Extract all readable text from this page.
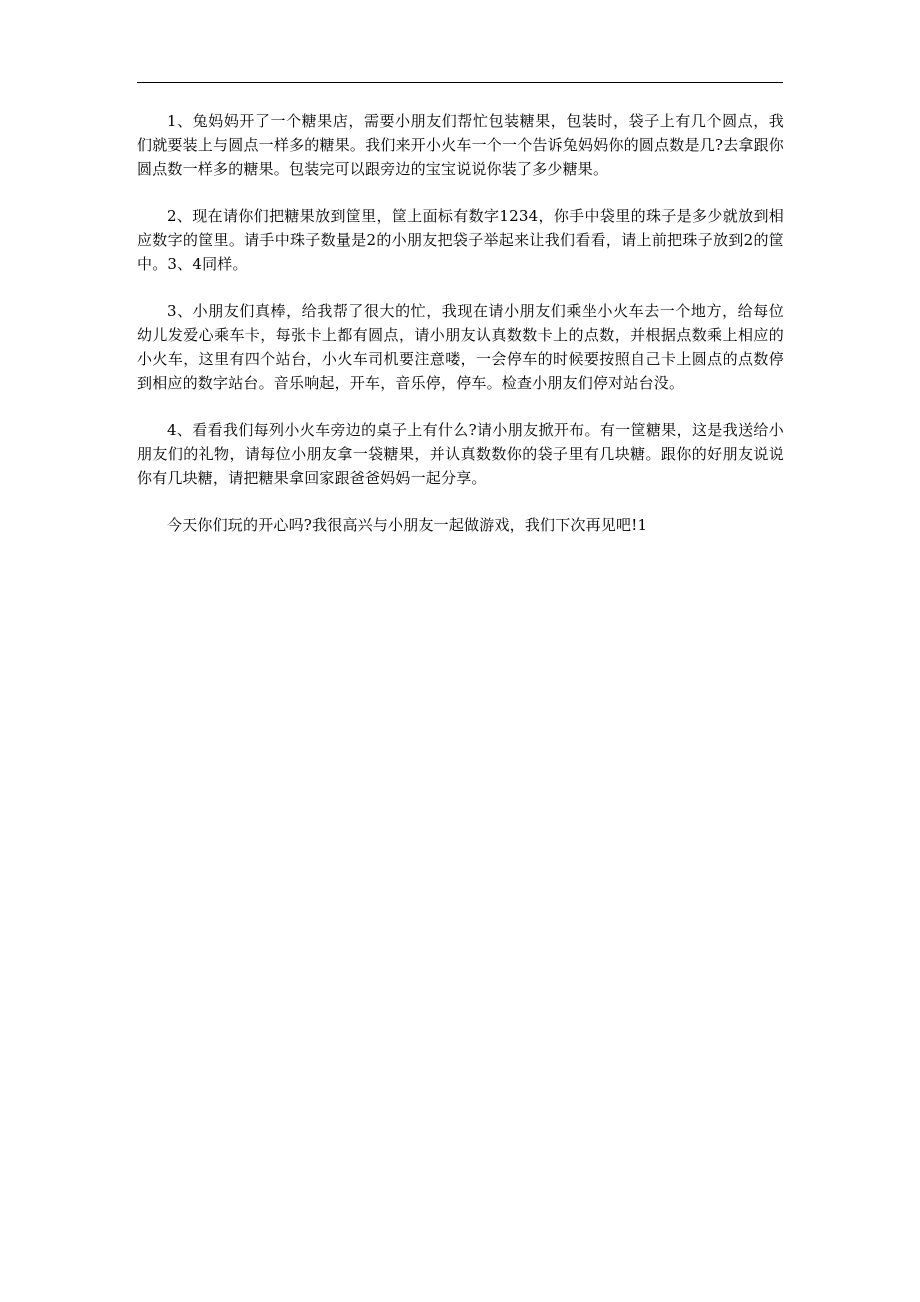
1、兔妈妈开了一个糖果店，需要小朋友们帮忙包装糖果，包装时，袋子上有几个圆点，我们就要装上与圆点一样多的糖果。我们来开小火车一个一个告诉兔妈妈你的圆点数是几?去拿跟你圆点数一样多的糖果。包装完可以跟旁边的宝宝说说你装了多少糖果。

2、现在请你们把糖果放到筐里，筐上面标有数字1234，你手中袋里的珠子是多少就放到相应数字的筐里。请手中珠子数量是2的小朋友把袋子举起来让我们看看，请上前把珠子放到2的筐中。3、4同样。

3、小朋友们真棒，给我帮了很大的忙，我现在请小朋友们乘坐小火车去一个地方，给每位幼儿发爱心乘车卡，每张卡上都有圆点，请小朋友认真数数卡上的点数，并根据点数乘上相应的小火车，这里有四个站台，小火车司机要注意喽，一会停车的时候要按照自己卡上圆点的点数停到相应的数字站台。音乐响起，开车，音乐停，停车。检查小朋友们停对站台没。

4、看看我们每列小火车旁边的桌子上有什么?请小朋友掀开布。有一筐糖果，这是我送给小朋友们的礼物，请每位小朋友拿一袋糖果，并认真数数你的袋子里有几块糖。跟你的好朋友说说你有几块糖，请把糖果拿回家跟爸爸妈妈一起分享。

今天你们玩的开心吗?我很高兴与小朋友一起做游戏，我们下次再见吧!1
